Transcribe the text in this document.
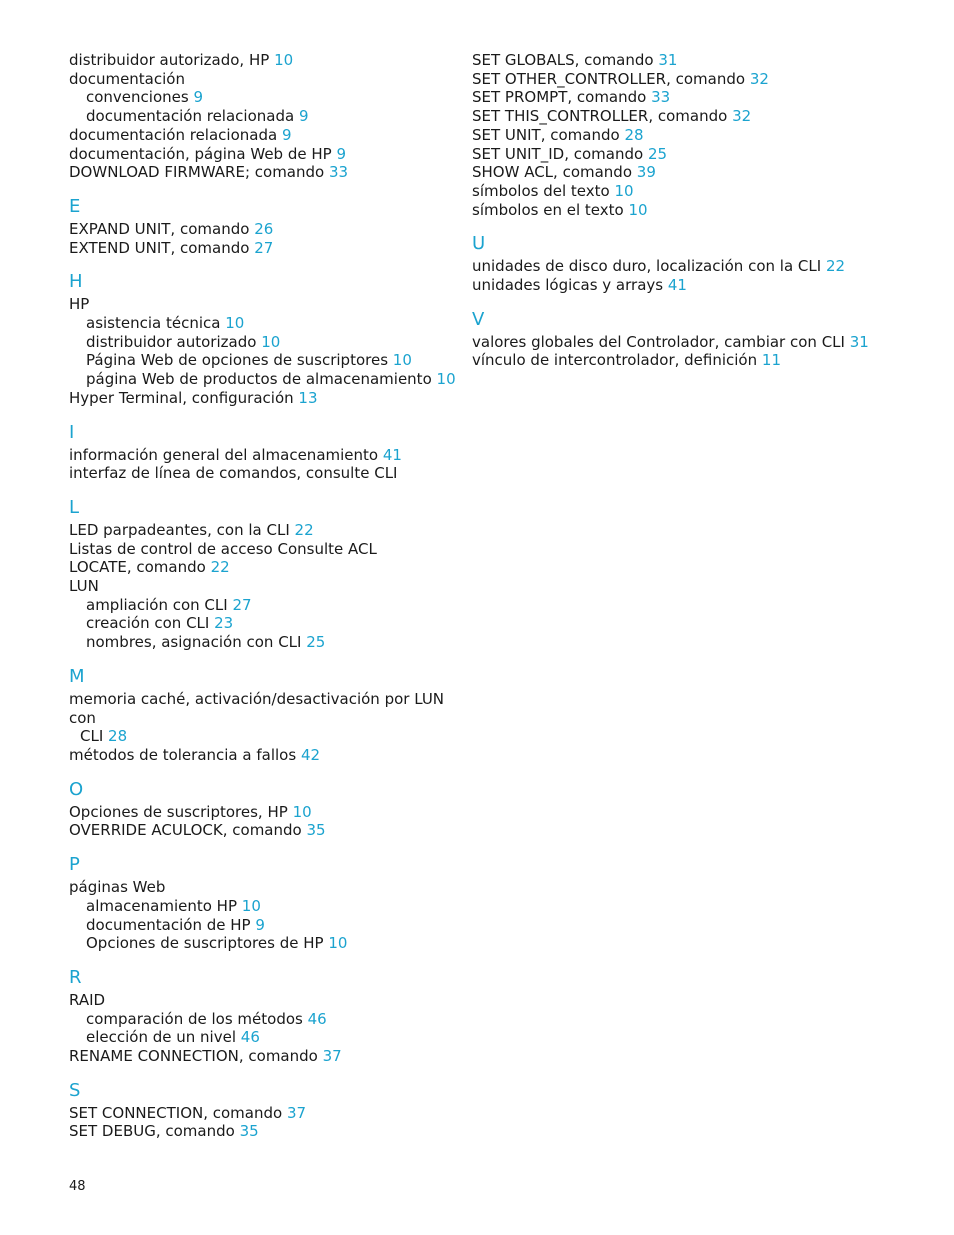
distribuidor autorizado, HP 10
documentación
convenciones 9
documentación relacionada 9
documentación relacionada 9
documentación, página Web de HP 9
DOWNLOAD FIRMWARE; comando 33
E
EXPAND UNIT, comando 26
EXTEND UNIT, comando 27
H
HP
asistencia técnica 10
distribuidor autorizado 10
Página Web de opciones de suscriptores 10
página Web de productos de almacenamiento 10
Hyper Terminal, configuración 13
I
información general del almacenamiento 41
interfaz de línea de comandos, consulte CLI
L
LED parpadeantes, con la CLI 22
Listas de control de acceso Consulte ACL
LOCATE, comando 22
LUN
ampliación con CLI 27
creación con CLI 23
nombres, asignación con CLI 25
M
memoria caché, activación/desactivación por LUN con
CLI 28
métodos de tolerancia a fallos 42
O
Opciones de suscriptores, HP 10
OVERRIDE ACULOCK, comando 35
P
páginas Web
almacenamiento HP 10
documentación de HP 9
Opciones de suscriptores de HP 10
R
RAID
comparación de los métodos 46
elección de un nivel 46
RENAME CONNECTION, comando 37
S
SET CONNECTION, comando 37
SET DEBUG, comando 35
SET GLOBALS, comando 31
SET OTHER_CONTROLLER, comando 32
SET PROMPT, comando 33
SET THIS_CONTROLLER, comando 32
SET UNIT, comando 28
SET UNIT_ID, comando 25
SHOW ACL, comando 39
símbolos del texto 10
símbolos en el texto 10
U
unidades de disco duro, localización con la CLI 22
unidades lógicas y arrays 41
V
valores globales del Controlador, cambiar con CLI 31
vínculo de intercontrolador, definición 11
48
